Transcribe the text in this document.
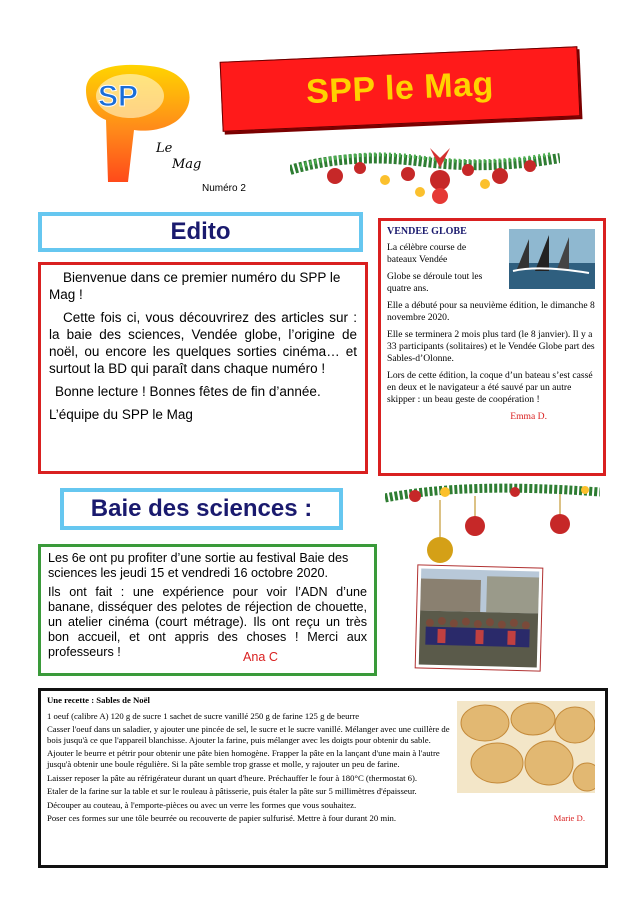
SP
Le
Mag
SPP le Mag
Numéro 2
Edito

Bienvenue dans ce premier numéro du SPP le Mag !

Cette fois ci, vous découvrirez des articles sur : la baie des sciences, Vendée globe, l’origine de noël, ou encore les quelques sorties cinéma… et surtout la BD qui paraît dans chaque numéro !

Bonne lecture ! Bonnes fêtes de fin d’année.

L’équipe du SPP le Mag

VENDEE GLOBE

La célèbre course de bateaux Vendée

Globe se déroule tout les quatre ans.

Elle a débuté pour sa neuvième édition, le dimanche 8 novembre 2020.

Elle se terminera 2 mois plus tard (le 8 janvier). Il y a 33 participants (solitaires) et le Vendée Globe part des Sables-d’Olonne.

Lors de cette édition, la coque d’un bateau s’est cassé en deux et le navigateur a été sauvé par un autre skipper : un beau geste de coopération !

Emma D.

Baie des sciences :

Les 6e ont pu profiter d’une sortie au festival Baie des sciences les jeudi 15 et vendredi 16 octobre 2020.

Ils ont fait : une expérience pour voir l’ADN d’une banane, disséquer des pelotes de réjection de chouette, un atelier cinéma (court métrage). Ils ont reçu un très bon accueil, et ont appris des choses ! Merci aux professeurs !	Ana C

Une recette : Sables de Noël

1 oeuf (calibre A) 120 g de sucre 1 sachet de sucre vanillé 250 g de farine 125 g de beurre

Casser l'oeuf dans un saladier, y ajouter une pincée de sel, le sucre et le sucre vanillé. Mélanger avec une cuillère de bois jusqu'à ce que l'appareil blanchisse. Ajouter la farine, puis mélanger avec les doigts pour obtenir du sable.

Ajouter le beurre et pétrir pour obtenir une pâte bien homogène. Frapper la pâte en la lançant d'une main à l'autre jusqu'à obtenir une boule régulière. Si la pâte semble trop grasse et molle, y rajouter un peu de farine.

Laisser reposer la pâte au réfrigérateur durant un quart d'heure. Préchauffer le four à 180°C (thermostat 6).

Etaler de la farine sur la table et sur le rouleau à pâtisserie, puis étaler la pâte sur 5 millimètres d'épaisseur.

Découper au couteau, à l'emporte-pièces ou avec un verre les formes que vous souhaitez.

Poser ces formes sur une tôle beurrée ou recouverte de papier sulfurisé. Mettre à four durant 20 min.	Marie D.
